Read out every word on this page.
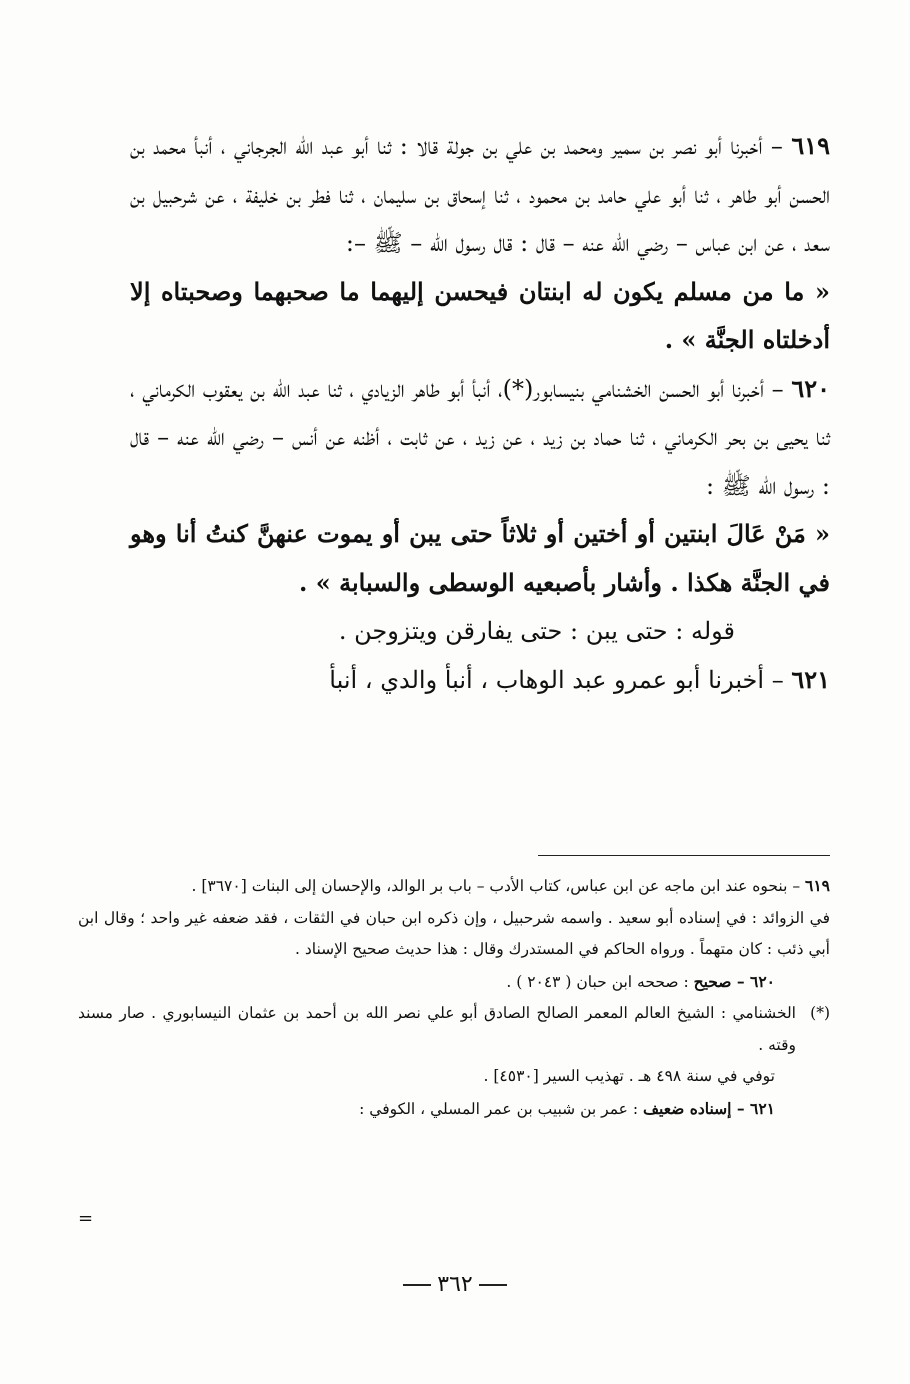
٦١٩ – أخبرنا أبو نصر بن سمير ومحمد بن علي بن جولة قالا : ثنا أبو عبد الله الجرجاني ، أنبأ محمد بن الحسن أبو طاهر ، ثنا أبو علي حامد بن محمود ، ثنا إسحاق بن سليمان ، ثنا فطر بن خليفة ، عن شرحبيل بن سعد ، عن ابن عباس – رضي الله عنه – قال : قال رسول الله – ﷺ –:

« ما من مسلم يكون له ابنتان فيحسن إليهما ما صحبهما وصحبتاه إلا أدخلتاه الجنَّة » .

٦٢٠ – أخبرنا أبو الحسن الخشنامي بنيسابور(*)، أنبأ أبو طاهر الزيادي ، ثنا عبد الله بن يعقوب الكرماني ، ثنا يحيى بن بحر الكرماني ، ثنا حماد بن زيد ، عن زيد ، عن ثابت ، أظنه عن أنس – رضي الله عنه – قال : رسول الله ﷺ :

« مَنْ عَالَ ابنتين أو أختين أو ثلاثاً حتى يبن أو يموت عنهنَّ كنتُ أنا وهو في الجنَّة هكذا . وأشار بأصبعيه الوسطى والسبابة » .

قوله : حتى يبن : حتى يفارقن ويتزوجن .

٦٢١ – أخبرنا أبو عمرو عبد الوهاب ، أنبأ والدي ، أنبأ

٦١٩ – بنحوه عند ابن ماجه عن ابن عباس، كتاب الأدب – باب بر الوالد، والإحسان إلى البنات [٣٦٧٠] .

في الزوائد : في إسناده أبو سعيد . واسمه شرحبيل ، وإن ذكره ابن حبان في الثقات ، فقد ضعفه غير واحد ؛ وقال ابن أبي ذئب : كان متهماً . ورواه الحاكم في المستدرك وقال : هذا حديث صحيح الإسناد .

٦٢٠ – صحيح : صححه ابن حبان ( ٢٠٤٣ ) .

(*)
الخشنامي : الشيخ العالم المعمر الصالح الصادق أبو علي نصر الله بن أحمد بن عثمان النيسابوري . صار مسند وقته .

توفي في سنة ٤٩٨ هـ . تهذيب السير [٤٥٣٠] .

٦٢١ – إسناده ضعيف : عمر بن شبيب بن عمر المسلي ، الكوفي :

=
٣٦٢
